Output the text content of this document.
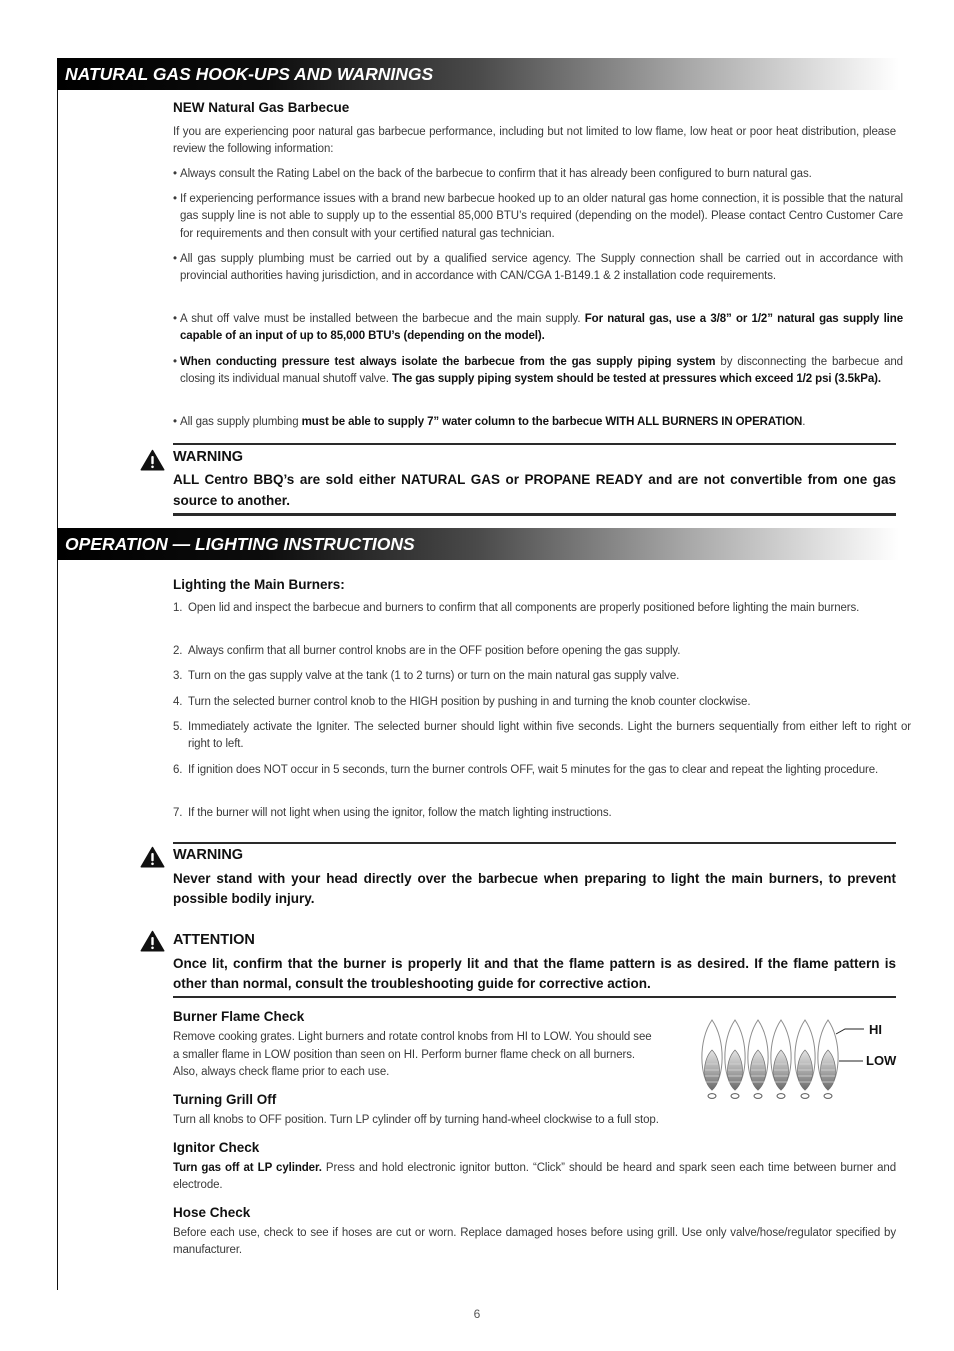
NATURAL GAS HOOK-UPS AND WARNINGS
NEW Natural Gas Barbecue
If you are experiencing poor natural gas barbecue performance, including but not limited to low flame, low heat or poor heat distribution, please review the following information:
• Always consult the Rating Label on the back of the barbecue to confirm that it has already been configured to burn natural gas.
• If experiencing performance issues with a brand new barbecue hooked up to an older natural gas home connection, it is possible that the natural gas supply line is not able to supply up to the essential 85,000 BTU’s required (depending on the model). Please contact Centro Customer Care for requirements and then consult with your certified natural gas technician.
• All gas supply plumbing must be carried out by a qualified service agency. The Supply connection shall be carried out in accordance with provincial authorities having jurisdiction, and in accordance with CAN/CGA 1-B149.1 & 2 installation code requirements.
• A shut off valve must be installed between the barbecue and the main supply. For natural gas, use a 3/8” or 1/2” natural gas supply line capable of an input of up to 85,000 BTU’s (depending on the model).
• When conducting pressure test always isolate the barbecue from the gas supply piping system by disconnecting the barbecue and closing its individual manual shutoff valve. The gas supply piping system should be tested at pressures which exceed 1/2 psi (3.5kPa).
• All gas supply plumbing must be able to supply 7” water column to the barbecue WITH ALL BURNERS IN OPERATION.
WARNING
ALL Centro BBQ’s are sold either NATURAL GAS or PROPANE READY and are not convertible from one gas source to another.
OPERATION — LIGHTING INSTRUCTIONS
Lighting the Main Burners:
1. Open lid and inspect the barbecue and burners to confirm that all components are properly positioned before lighting the main burners.
2. Always confirm that all burner control knobs are in the OFF position before opening the gas supply.
3. Turn on the gas supply valve at the tank (1 to 2 turns) or turn on the main natural gas supply valve.
4. Turn the selected burner control knob to the HIGH position by pushing in and turning the knob counter clockwise.
5. Immediately activate the Igniter. The selected burner should light within five seconds. Light the burners sequentially from either left to right or right to left.
6. If ignition does NOT occur in 5 seconds, turn the burner controls OFF, wait 5 minutes for the gas to clear and repeat the lighting procedure.
7. If the burner will not light when using the ignitor, follow the match lighting instructions.
WARNING
Never stand with your head directly over the barbecue when preparing to light the main burners, to prevent possible bodily injury.
ATTENTION
Once lit, confirm that the burner is properly lit and that the flame pattern is as desired. If the flame pattern is other than normal, consult the troubleshooting guide for corrective action.
Burner Flame Check
Remove cooking grates. Light burners and rotate control knobs from HI to LOW. You should see a smaller flame in LOW position than seen on HI. Perform burner flame check on all burners. Also, always check flame prior to each use.
HI
LOW
Turning Grill Off
Turn all knobs to OFF position. Turn LP cylinder off by turning hand-wheel clockwise to a full stop.
Ignitor Check
Turn gas off at LP cylinder. Press and hold electronic ignitor button. “Click” should be heard and spark seen each time between burner and electrode.
Hose Check
Before each use, check to see if hoses are cut or worn. Replace damaged hoses before using grill. Use only valve/hose/regulator specified by manufacturer.
6
